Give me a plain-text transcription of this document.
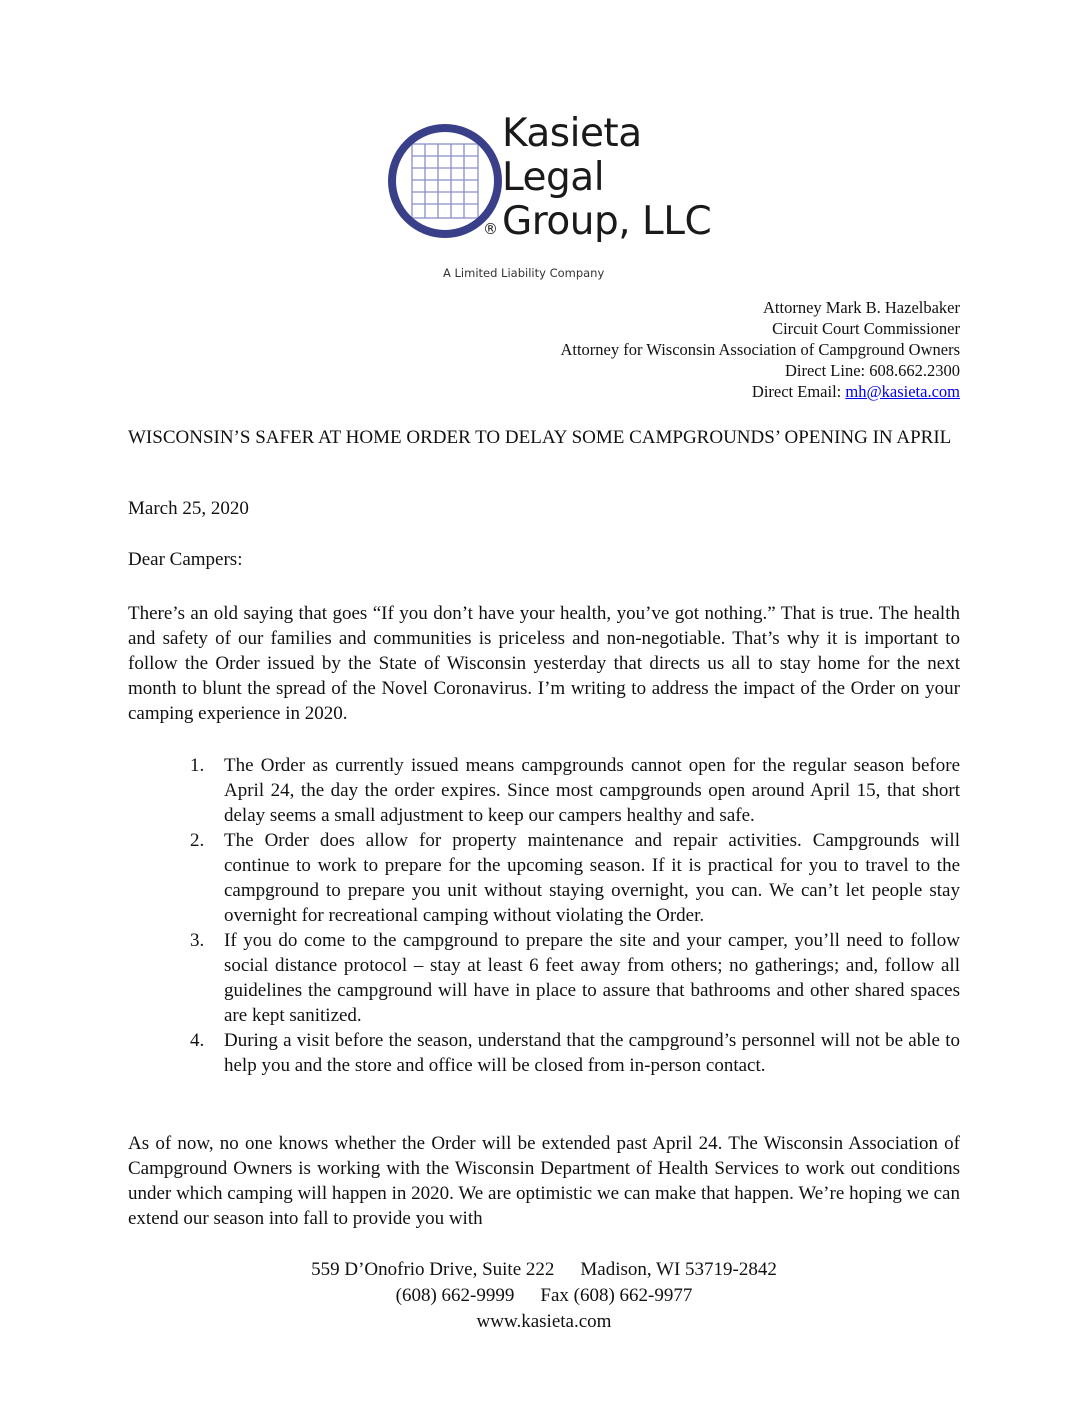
Kasieta
Legal
Group, LLC
®
A Limited Liability Company
Attorney Mark B. Hazelbaker
Circuit Court Commissioner
Attorney for Wisconsin Association of Campground Owners
Direct Line: 608.662.2300
Direct Email: mh@kasieta.com
WISCONSIN’S SAFER AT HOME ORDER TO DELAY SOME CAMPGROUNDS’ OPENING IN APRIL
March 25, 2020
Dear Campers:
There’s an old saying that goes “If you don’t have your health, you’ve got nothing.” That is true. The health and safety of our families and communities is priceless and non-negotiable. That’s why it is important to follow the Order issued by the State of Wisconsin yesterday that directs us all to stay home for the next month to blunt the spread of the Novel Coronavirus. I’m writing to address the impact of the Order on your camping experience in 2020.
1. The Order as currently issued means campgrounds cannot open for the regular season before April 24, the day the order expires. Since most campgrounds open around April 15, that short delay seems a small adjustment to keep our campers healthy and safe.
2. The Order does allow for property maintenance and repair activities. Campgrounds will continue to work to prepare for the upcoming season. If it is practical for you to travel to the campground to prepare you unit without staying overnight, you can. We can’t let people stay overnight for recreational camping without violating the Order.
3. If you do come to the campground to prepare the site and your camper, you’ll need to follow social distance protocol – stay at least 6 feet away from others; no gatherings; and, follow all guidelines the campground will have in place to assure that bathrooms and other shared spaces are kept sanitized.
4. During a visit before the season, understand that the campground’s personnel will not be able to help you and the store and office will be closed from in-person contact.
As of now, no one knows whether the Order will be extended past April 24. The Wisconsin Association of Campground Owners is working with the Wisconsin Department of Health Services to work out conditions under which camping will happen in 2020. We are optimistic we can make that happen. We’re hoping we can extend our season into fall to provide you with
559 D’Onofrio Drive, Suite 222 Madison, WI 53719-2842
(608) 662-9999 Fax (608) 662-9977
www.kasieta.com
